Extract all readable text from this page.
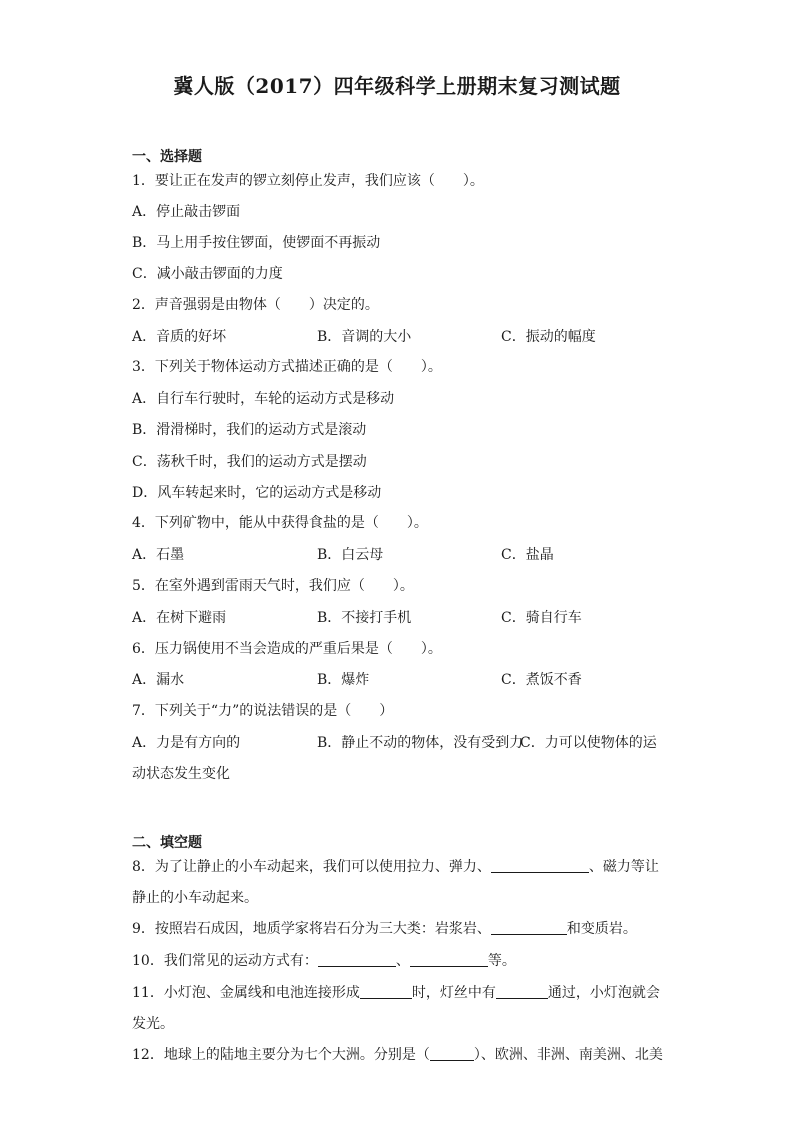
冀人版（2017）四年级科学上册期末复习测试题
一、选择题
1．要让正在发声的锣立刻停止发声，我们应该（　　）。
A．停止敲击锣面
B．马上用手按住锣面，使锣面不再振动
C．减小敲击锣面的力度
2．声音强弱是由物体（　　）决定的。
A．音质的好坏	B．音调的大小	C．振动的幅度
3．下列关于物体运动方式描述正确的是（　　）。
A．自行车行驶时，车轮的运动方式是移动
B．滑滑梯时，我们的运动方式是滚动
C．荡秋千时，我们的运动方式是摆动
D．风车转起来时，它的运动方式是移动
4．下列矿物中，能从中获得食盐的是（　　）。
A．石墨	B．白云母	C．盐晶
5．在室外遇到雷雨天气时，我们应（　　）。
A．在树下避雨	B．不接打手机	C．骑自行车
6．压力锅使用不当会造成的严重后果是（　　）。
A．漏水	B．爆炸	C．煮饭不香
7．下列关于“力”的说法错误的是（　　）
A．力是有方向的	B．静止不动的物体，没有受到力
C．力可以使物体的运
动状态发生变化
二、填空题
8．为了让静止的小车动起来，我们可以使用拉力、弹力、	、磁力等让
静止的小车动起来。
9．按照岩石成因，地质学家将岩石分为三大类：岩浆岩、	和变质岩。
10．我们常见的运动方式有：	、	等。
11．小灯泡、金属线和电池连接形成	时，灯丝中有	通过，小灯泡就会
发光。
12．地球上的陆地主要分为七个大洲。分别是（	）、欧洲、非洲、南美洲、北美
